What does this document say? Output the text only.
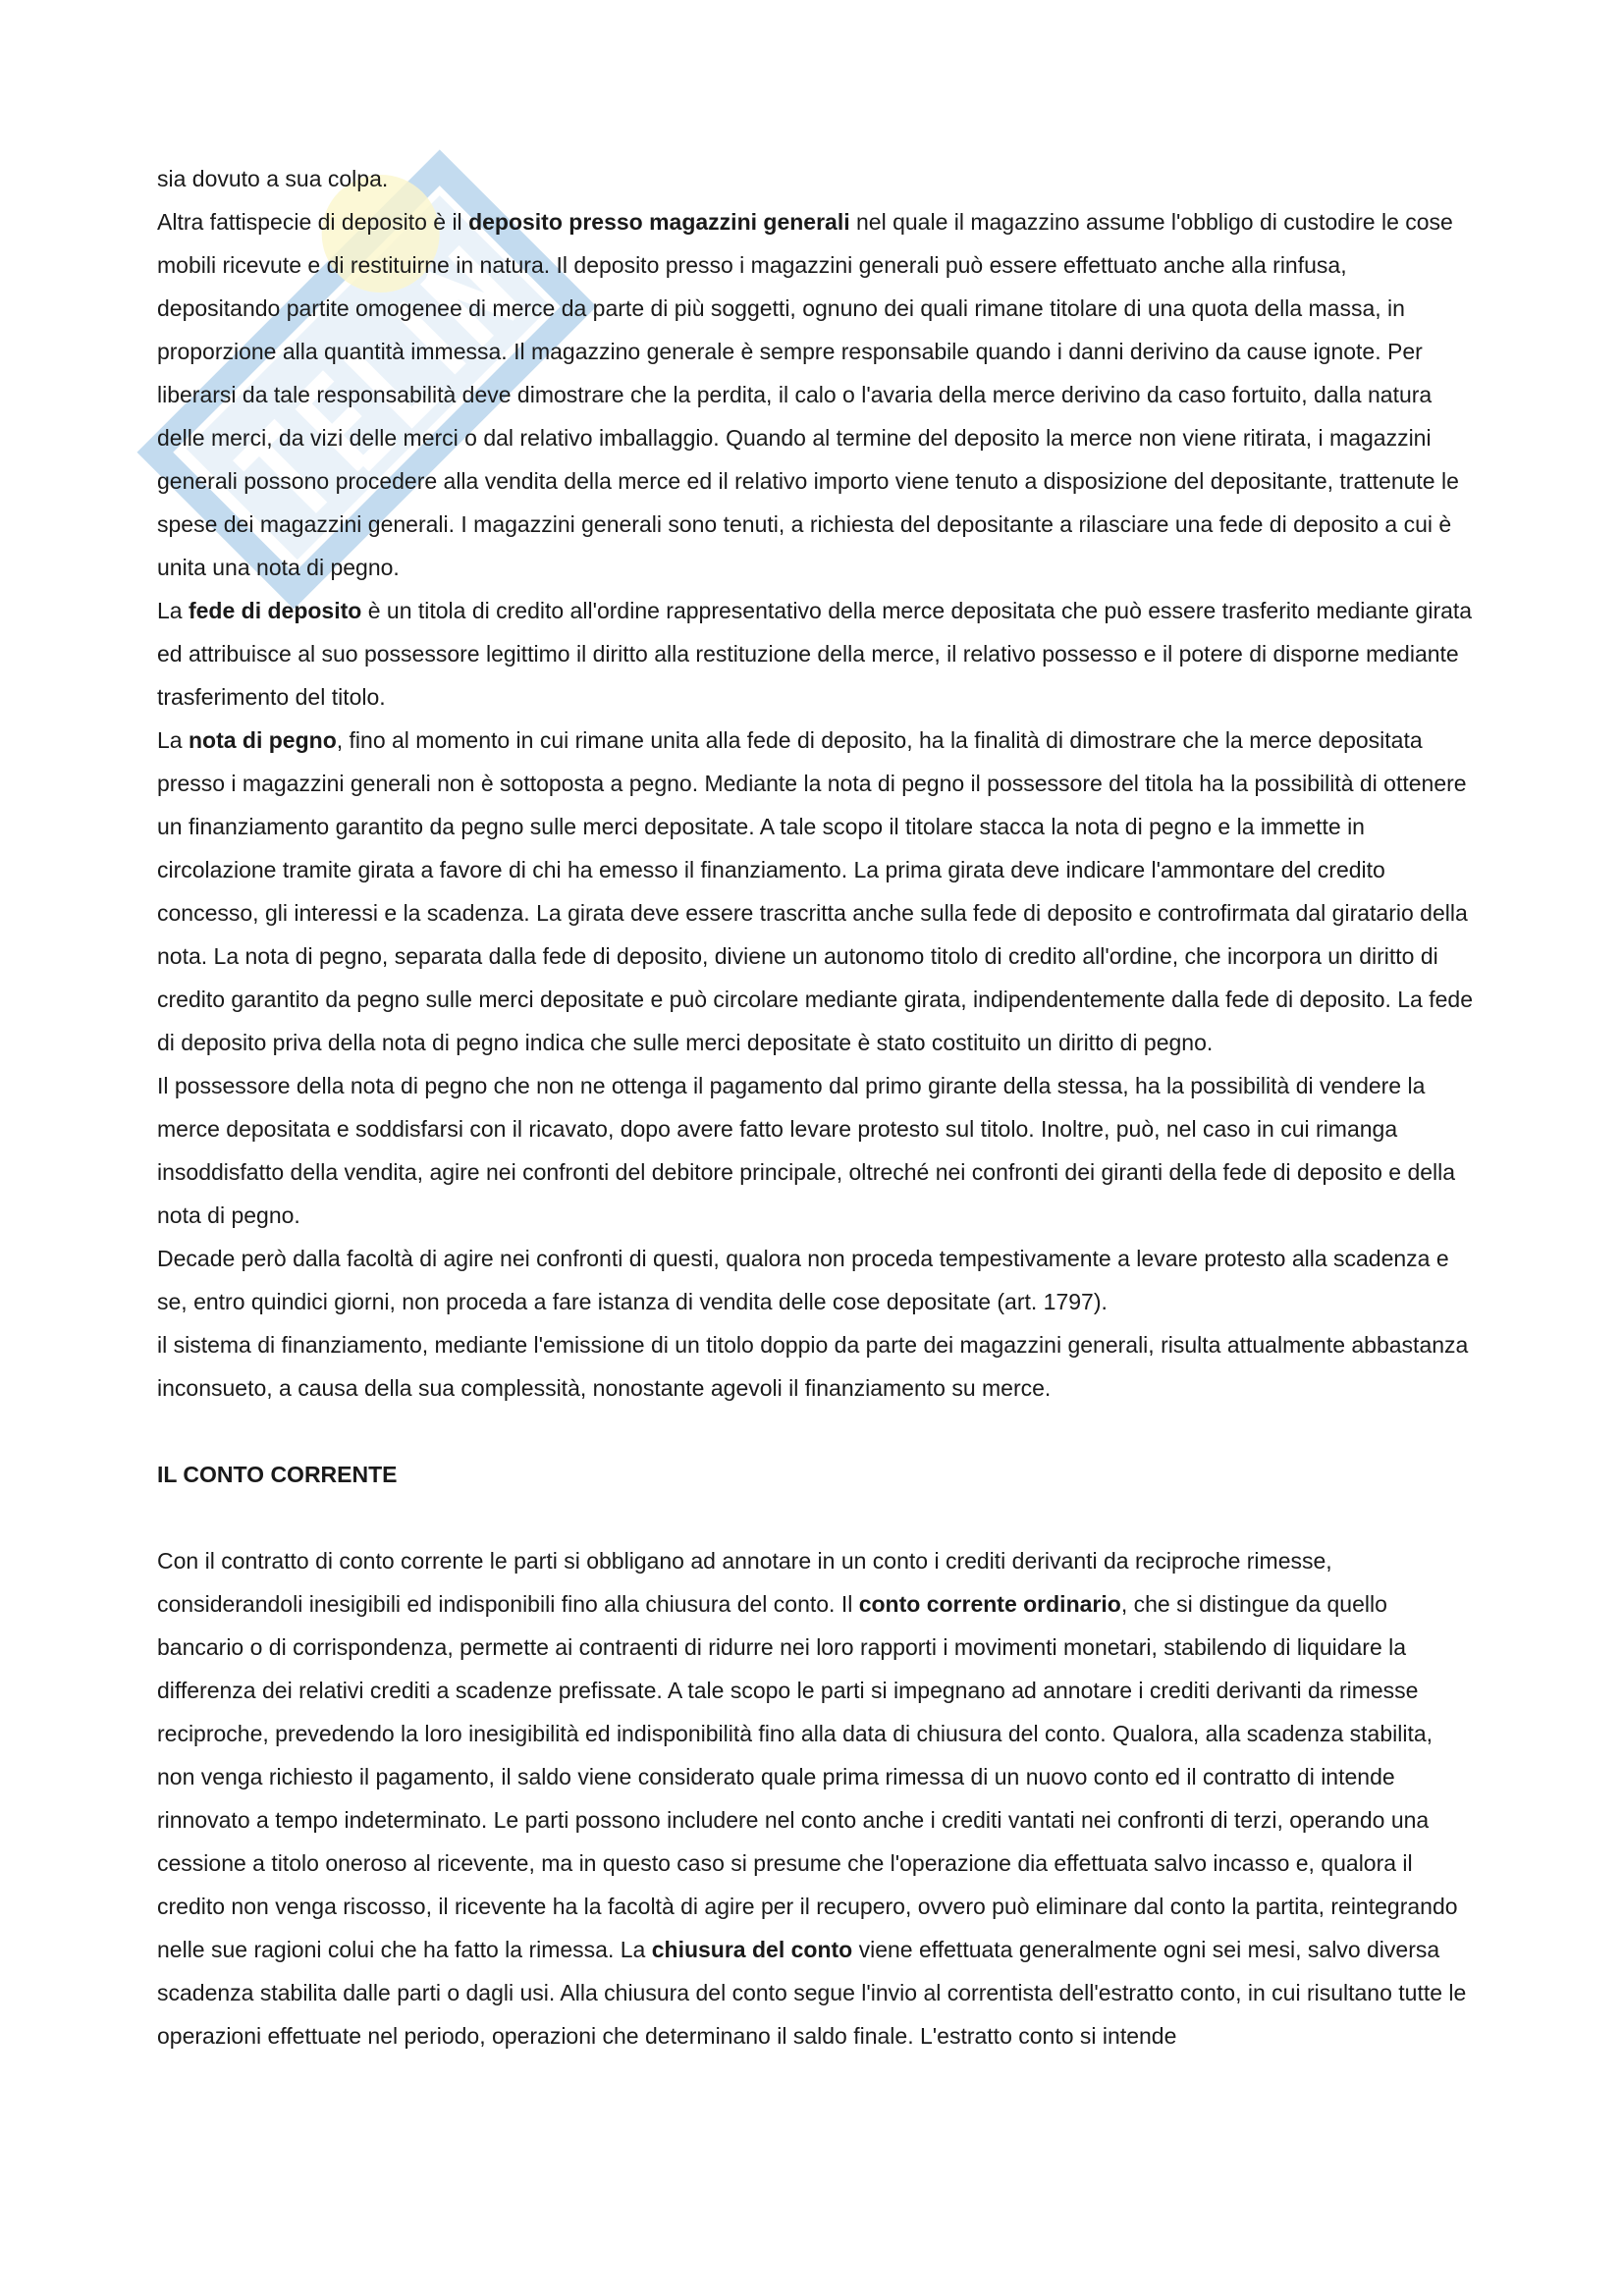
sia dovuto a sua colpa.

Altra fattispecie di deposito è il deposito presso magazzini generali nel quale il magazzino assume l'obbligo di custodire le cose mobili ricevute e di restituirne in natura. Il deposito presso i magazzini generali può essere effettuato anche alla rinfusa, depositando partite omogenee di merce da parte di più soggetti, ognuno dei quali rimane titolare di una quota della massa, in proporzione alla quantità immessa. Il magazzino generale è sempre responsabile quando i danni derivino da cause ignote. Per liberarsi da tale responsabilità deve dimostrare che la perdita, il calo o l'avaria della merce derivino da caso fortuito, dalla natura delle merci, da vizi delle merci o dal relativo imballaggio. Quando al termine del deposito la merce non viene ritirata, i magazzini generali possono procedere alla vendita della merce ed il relativo importo viene tenuto a disposizione del depositante, trattenute le spese dei magazzini generali. I magazzini generali sono tenuti, a richiesta del depositante a rilasciare una fede di deposito a cui è unita una nota di pegno.

La fede di deposito è un titola di credito all'ordine rappresentativo della merce depositata che può essere trasferito mediante girata ed attribuisce al suo possessore legittimo il diritto alla restituzione della merce, il relativo possesso e il potere di disporne mediante trasferimento del titolo.

La nota di pegno, fino al momento in cui rimane unita alla fede di deposito, ha la finalità di dimostrare che la merce depositata presso i magazzini generali non è sottoposta a pegno. Mediante la nota di pegno il possessore del titola ha la possibilità di ottenere un finanziamento garantito da pegno sulle merci depositate. A tale scopo il titolare stacca la nota di pegno e la immette in circolazione tramite girata a favore di chi ha emesso il finanziamento. La prima girata deve indicare l'ammontare del credito concesso, gli interessi e la scadenza. La girata deve essere trascritta anche sulla fede di deposito e controfirmata dal giratario della nota. La nota di pegno, separata dalla fede di deposito, diviene un autonomo titolo di credito all'ordine, che incorpora un diritto di credito garantito da pegno sulle merci depositate e può circolare mediante girata, indipendentemente dalla fede di deposito. La fede di deposito priva della nota di pegno indica che sulle merci depositate è stato costituito un diritto di pegno.

Il possessore della nota di pegno che non ne ottenga il pagamento dal primo girante della stessa, ha la possibilità di vendere la merce depositata e soddisfarsi con il ricavato, dopo avere fatto levare protesto sul titolo. Inoltre, può, nel caso in cui rimanga insoddisfatto della vendita, agire nei confronti del debitore principale, oltreché nei confronti dei giranti della fede di deposito e della nota di pegno.

Decade però dalla facoltà di agire nei confronti di questi, qualora non proceda tempestivamente a levare protesto alla scadenza e se, entro quindici giorni, non proceda a fare istanza di vendita delle cose depositate (art. 1797).

il sistema di finanziamento, mediante l'emissione di un titolo doppio da parte dei magazzini generali, risulta attualmente abbastanza inconsueto, a causa della sua complessità, nonostante agevoli il finanziamento su merce.

IL CONTO CORRENTE

Con il contratto di conto corrente le parti si obbligano ad annotare in un conto i crediti derivanti da reciproche rimesse, considerandoli inesigibili ed indisponibili fino alla chiusura del conto. Il conto corrente ordinario, che si distingue da quello bancario o di corrispondenza, permette ai contraenti di ridurre nei loro rapporti i movimenti monetari, stabilendo di liquidare la differenza dei relativi crediti a scadenze prefissate. A tale scopo le parti si impegnano ad annotare i crediti derivanti da rimesse reciproche, prevedendo la loro inesigibilità ed indisponibilità fino alla data di chiusura del conto. Qualora, alla scadenza stabilita, non venga richiesto il pagamento, il saldo viene considerato quale prima rimessa di un nuovo conto ed il contratto di intende rinnovato a tempo indeterminato. Le parti possono includere nel conto anche i crediti vantati nei confronti di terzi, operando una cessione a titolo oneroso al ricevente, ma in questo caso si presume che l'operazione dia effettuata salvo incasso e, qualora il credito non venga riscosso, il ricevente ha la facoltà di agire per il recupero, ovvero può eliminare dal conto la partita, reintegrando nelle sue ragioni colui che ha fatto la rimessa. La chiusura del conto viene effettuata generalmente ogni sei mesi, salvo diversa scadenza stabilita dalle parti o dagli usi. Alla chiusura del conto segue l'invio al correntista dell'estratto conto, in cui risultano tutte le operazioni effettuate nel periodo, operazioni che determinano il saldo finale. L'estratto conto si intende
